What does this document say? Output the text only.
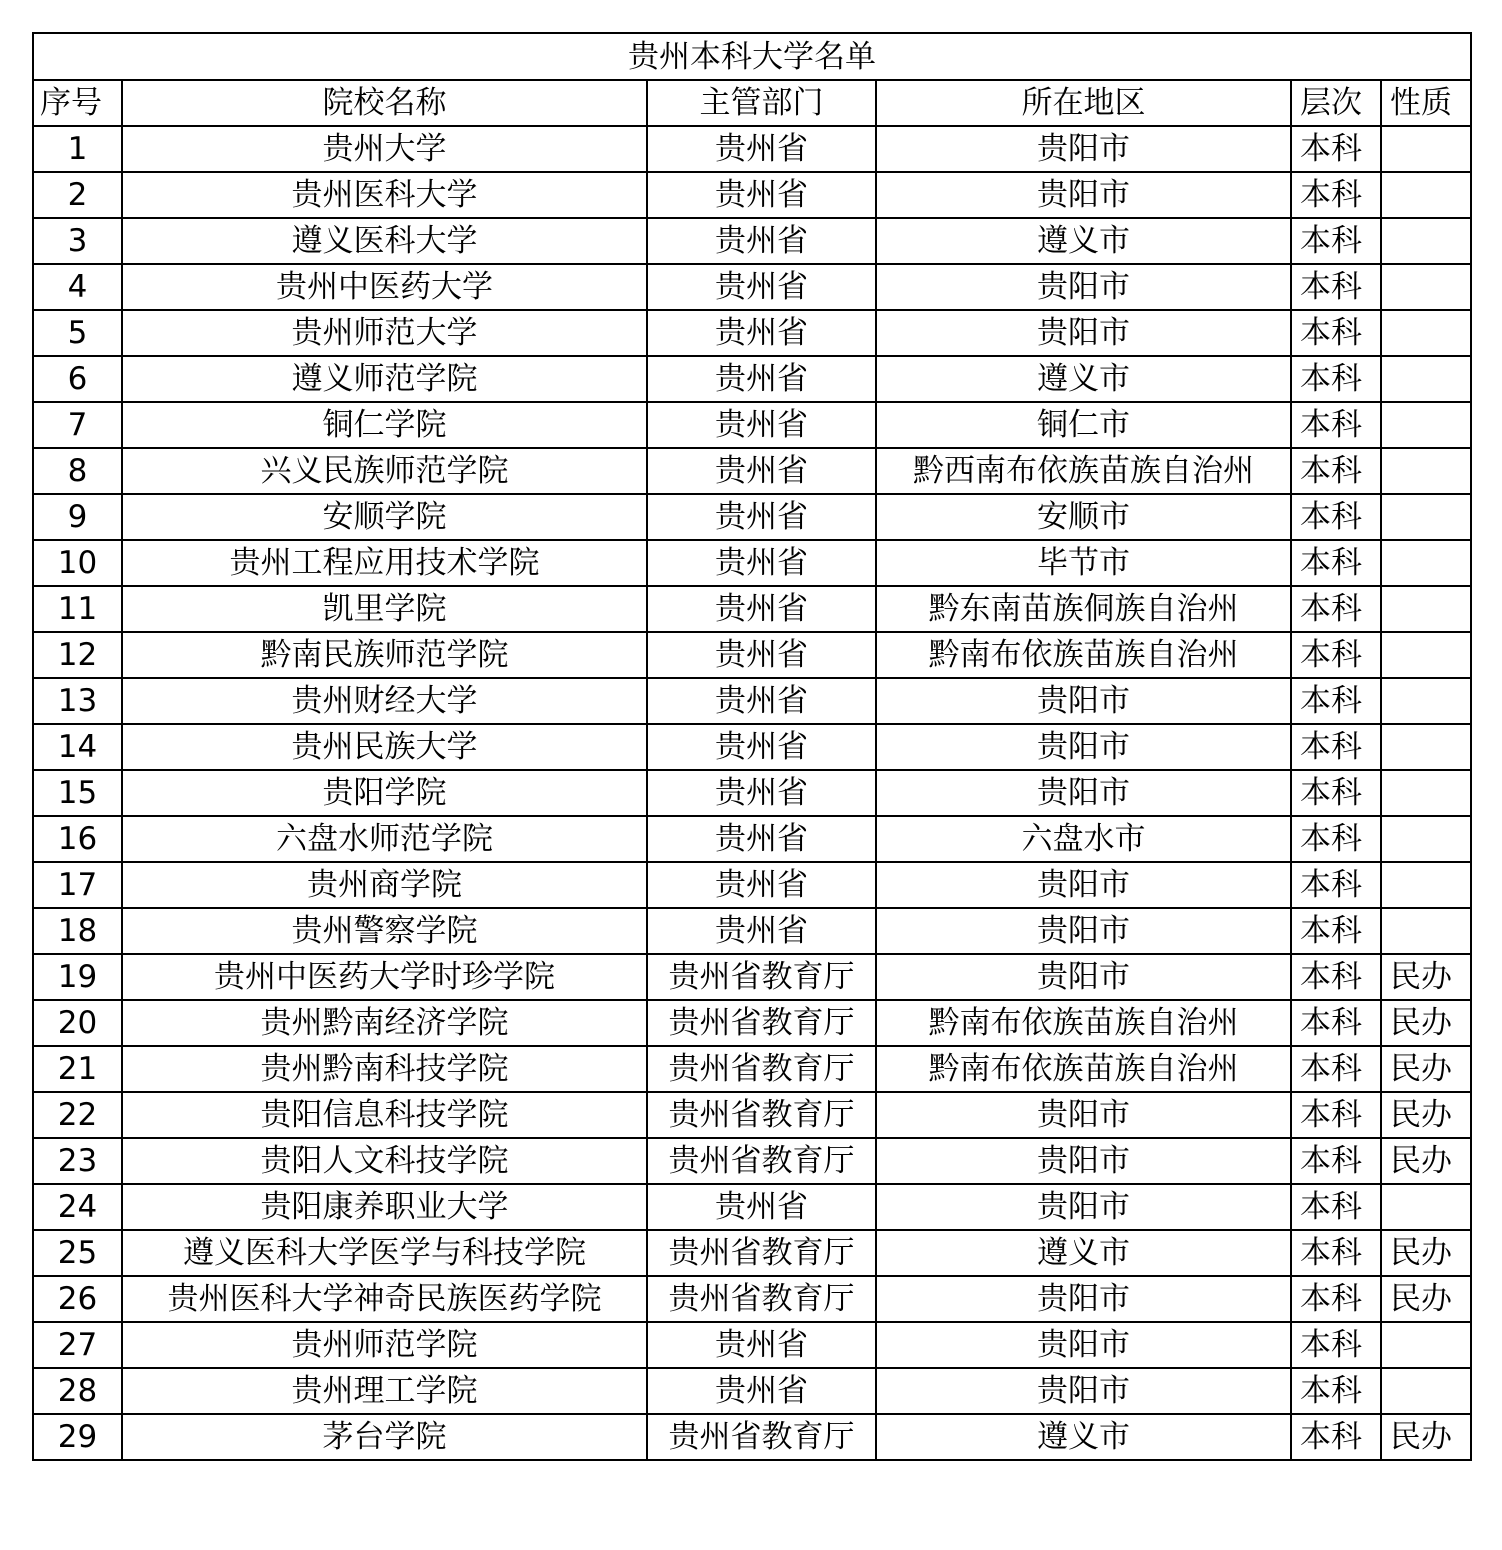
贵州本科大学名单					
序号	院校名称	主管部门	所在地区	层次	性质
1	贵州大学	贵州省	贵阳市	本科	
2	贵州医科大学	贵州省	贵阳市	本科	
3	遵义医科大学	贵州省	遵义市	本科	
4	贵州中医药大学	贵州省	贵阳市	本科	
5	贵州师范大学	贵州省	贵阳市	本科	
6	遵义师范学院	贵州省	遵义市	本科	
7	铜仁学院	贵州省	铜仁市	本科	
8	兴义民族师范学院	贵州省	黔西南布依族苗族自治州	本科	
9	安顺学院	贵州省	安顺市	本科	
10	贵州工程应用技术学院	贵州省	毕节市	本科	
11	凯里学院	贵州省	黔东南苗族侗族自治州	本科	
12	黔南民族师范学院	贵州省	黔南布依族苗族自治州	本科	
13	贵州财经大学	贵州省	贵阳市	本科	
14	贵州民族大学	贵州省	贵阳市	本科	
15	贵阳学院	贵州省	贵阳市	本科	
16	六盘水师范学院	贵州省	六盘水市	本科	
17	贵州商学院	贵州省	贵阳市	本科	
18	贵州警察学院	贵州省	贵阳市	本科	
19	贵州中医药大学时珍学院	贵州省教育厅	贵阳市	本科	民办
20	贵州黔南经济学院	贵州省教育厅	黔南布依族苗族自治州	本科	民办
21	贵州黔南科技学院	贵州省教育厅	黔南布依族苗族自治州	本科	民办
22	贵阳信息科技学院	贵州省教育厅	贵阳市	本科	民办
23	贵阳人文科技学院	贵州省教育厅	贵阳市	本科	民办
24	贵阳康养职业大学	贵州省	贵阳市	本科	
25	遵义医科大学医学与科技学院	贵州省教育厅	遵义市	本科	民办
26	贵州医科大学神奇民族医药学院	贵州省教育厅	贵阳市	本科	民办
27	贵州师范学院	贵州省	贵阳市	本科	
28	贵州理工学院	贵州省	贵阳市	本科	
29	茅台学院	贵州省教育厅	遵义市	本科	民办
